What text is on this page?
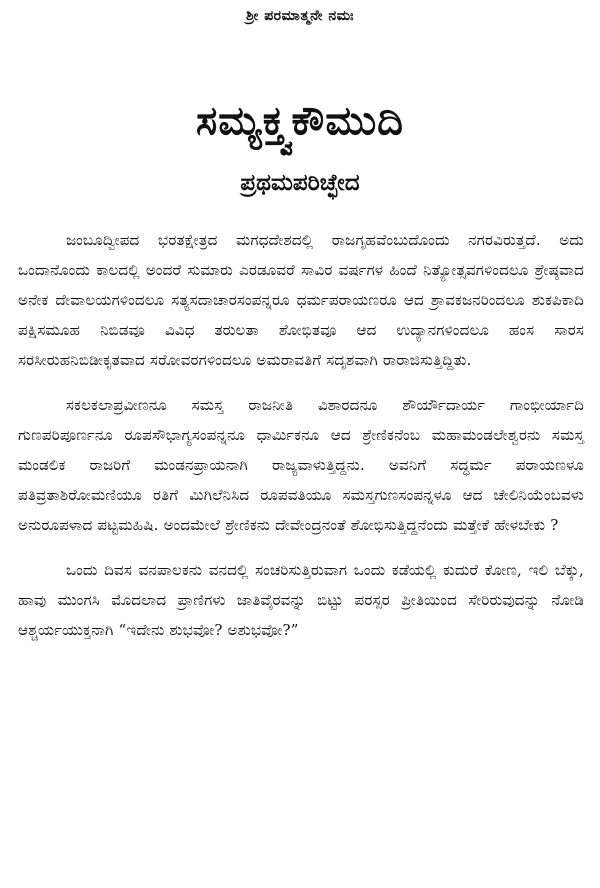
ಶ್ರೀ ಪರಮಾತ್ಮನೇ ನಮಃ
ಸಮ್ಯಕ್ತ್ವಕೌಮುದಿ
ಪ್ರಥಮಪರಿಚ್ಛೇದ

ಜಂಬೂದ್ವೀಪದ ಭರತಕ್ಷೇತ್ರದ ಮಗಧದೇಶದಲ್ಲಿ ರಾಜಗೃಹವೆಂಬುದೊಂದು ನಗರವಿರುತ್ತದೆ. ಅದು ಒಂದಾನೊಂದು ಕಾಲದಲ್ಲಿ ಅಂದರೆ ಸುಮಾರು ಎರಡೂವರೆ ಸಾವಿರ ವರ್ಷಗಳ ಹಿಂದೆ ನಿತ್ಯೋತ್ಸವಗಳಿಂದಲೂ ಶ್ರೇಷ್ಠವಾದ ಅನೇಕ ದೇವಾಲಯಗಳಿಂದಲೂ ಸತ್ಯಸದಾಚಾರಸಂಪನ್ನರೂ ಧರ್ಮಪರಾಯಣರೂ ಆದ ಶ್ರಾವಕಜನರಿಂದಲೂ ಶುಕಪಿಕಾದಿ ಪಕ್ಷಿಸಮೂಹ ನಿಬಿಡವೂ ವಿವಿಧ ತರುಲತಾ ಶೋಭಿತವೂ ಆದ ಉದ್ಯಾನಗಳಿಂದಲೂ ಹಂಸ ಸಾರಸ ಸರಸೀರುಹನಿಬಿಡೀಕೃತವಾದ ಸರೋವರಗಳಿಂದಲೂ ಅಮರಾವತಿಗೆ ಸದೃಶವಾಗಿ ರಾರಾಜಿಸುತ್ತಿದ್ದಿತು.

ಸಕಲಕಲಾಪ್ರವೀಣನೂ ಸಮಸ್ತ ರಾಜನೀತಿ ವಿಶಾರದನೂ ಶೌರ್ಯೌದಾರ್ಯ ಗಾಂಭೀರ್ಯಾದಿ ಗುಣಪರಿಪೂರ್ಣನೂ ರೂಪಸೌಭಾಗ್ಯಸಂಪನ್ನನೂ ಧಾರ್ಮಿಕನೂ ಆದ ಶ್ರೇಣಿಕನೆಂಬ ಮಹಾಮಂಡಲೇಶ್ವರನು ಸಮಸ್ತ ಮಂಡಲಿಕ ರಾಜರಿಗೆ ಮಂಡನಪ್ರಾಯನಾಗಿ ರಾಜ್ಯವಾಳುತ್ತಿದ್ದನು. ಅವನಿಗೆ ಸದ್ಧರ್ಮ ಪರಾಯಣಳೂ ಪತಿವ್ರತಾಶಿರೋಮಣಿಯೂ ರತಿಗೆ ಮಿಗಿಲೆನಿಸಿದ ರೂಪವತಿಯೂ ಸಮಸ್ತಗುಣಸಂಪನ್ನಳೂ ಆದ ಚೇಲಿನಿಯೆಂಬವಳು ಅನುರೂಪಳಾದ ಪಟ್ಟಮಹಿಷಿ. ಅಂದಮೇಲೆ ಶ್ರೇಣಿಕನು ದೇವೇಂದ್ರನಂತೆ ಶೋಭಿಸುತ್ತಿದ್ದನೆಂದು ಮತ್ತೇಕೆ ಹೇಳಬೇಕು ?

ಒಂದು ದಿವಸ ವನಪಾಲಕನು ವನದಲ್ಲಿ ಸಂಚರಿಸುತ್ತಿರುವಾಗ ಒಂದು ಕಡೆಯಲ್ಲಿ ಕುದುರೆ ಕೋಣ, ಇಲಿ ಬೆಕ್ಕು, ಹಾವು ಮುಂಗಸಿ ಮೊದಲಾದ ಪ್ರಾಣಿಗಳು ಜಾತಿವೈರವನ್ನು ಬಿಟ್ಟು ಪರಸ್ಪರ ಪ್ರೀತಿಯಿಂದ ಸೇರಿರುವುದನ್ನು ನೋಡಿ ಆಶ್ಚರ್ಯಯುಕ್ತನಾಗಿ “ಇದೇನು ಶುಭವೋ? ಅಶುಭವೋ?”
